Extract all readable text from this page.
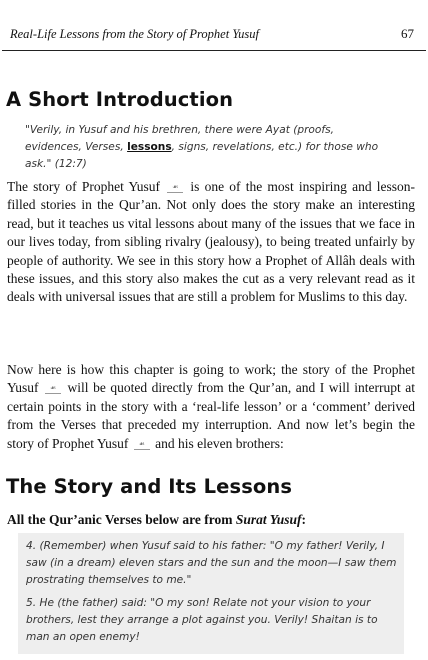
Real-Life Lessons from the Story of Prophet Yusuf	67
A Short Introduction
"Verily, in Yusuf and his brethren, there were Ayat (proofs, evidences, Verses, lessons, signs, revelations, etc.) for those who ask." (12:7)
The story of Prophet Yusuf ☙ is one of the most inspiring and lesson-filled stories in the Qur’an. Not only does the story make an interesting read, but it teaches us vital lessons about many of the issues that we face in our lives today, from sibling rivalry (jealousy), to being treated unfairly by people of authority. We see in this story how a Prophet of Allâh deals with these issues, and this story also makes the cut as a very relevant read as it deals with universal issues that are still a problem for Muslims to this day.
Now here is how this chapter is going to work; the story of the Prophet Yusuf ☙ will be quoted directly from the Qur’an, and I will interrupt at certain points in the story with a ‘real-life lesson’ or a ‘comment’ derived from the Verses that preceded my interruption. And now let’s begin the story of Prophet Yusuf ☙ and his eleven brothers:
The Story and Its Lessons
All the Qur’anic Verses below are from Surat Yusuf:
4. (Remember) when Yusuf said to his father: "O my father! Verily, I saw (in a dream) eleven stars and the sun and the moon—I saw them prostrating themselves to me."
5. He (the father) said: "O my son! Relate not your vision to your brothers, lest they arrange a plot against you. Verily! Shaitan is to man an open enemy!
